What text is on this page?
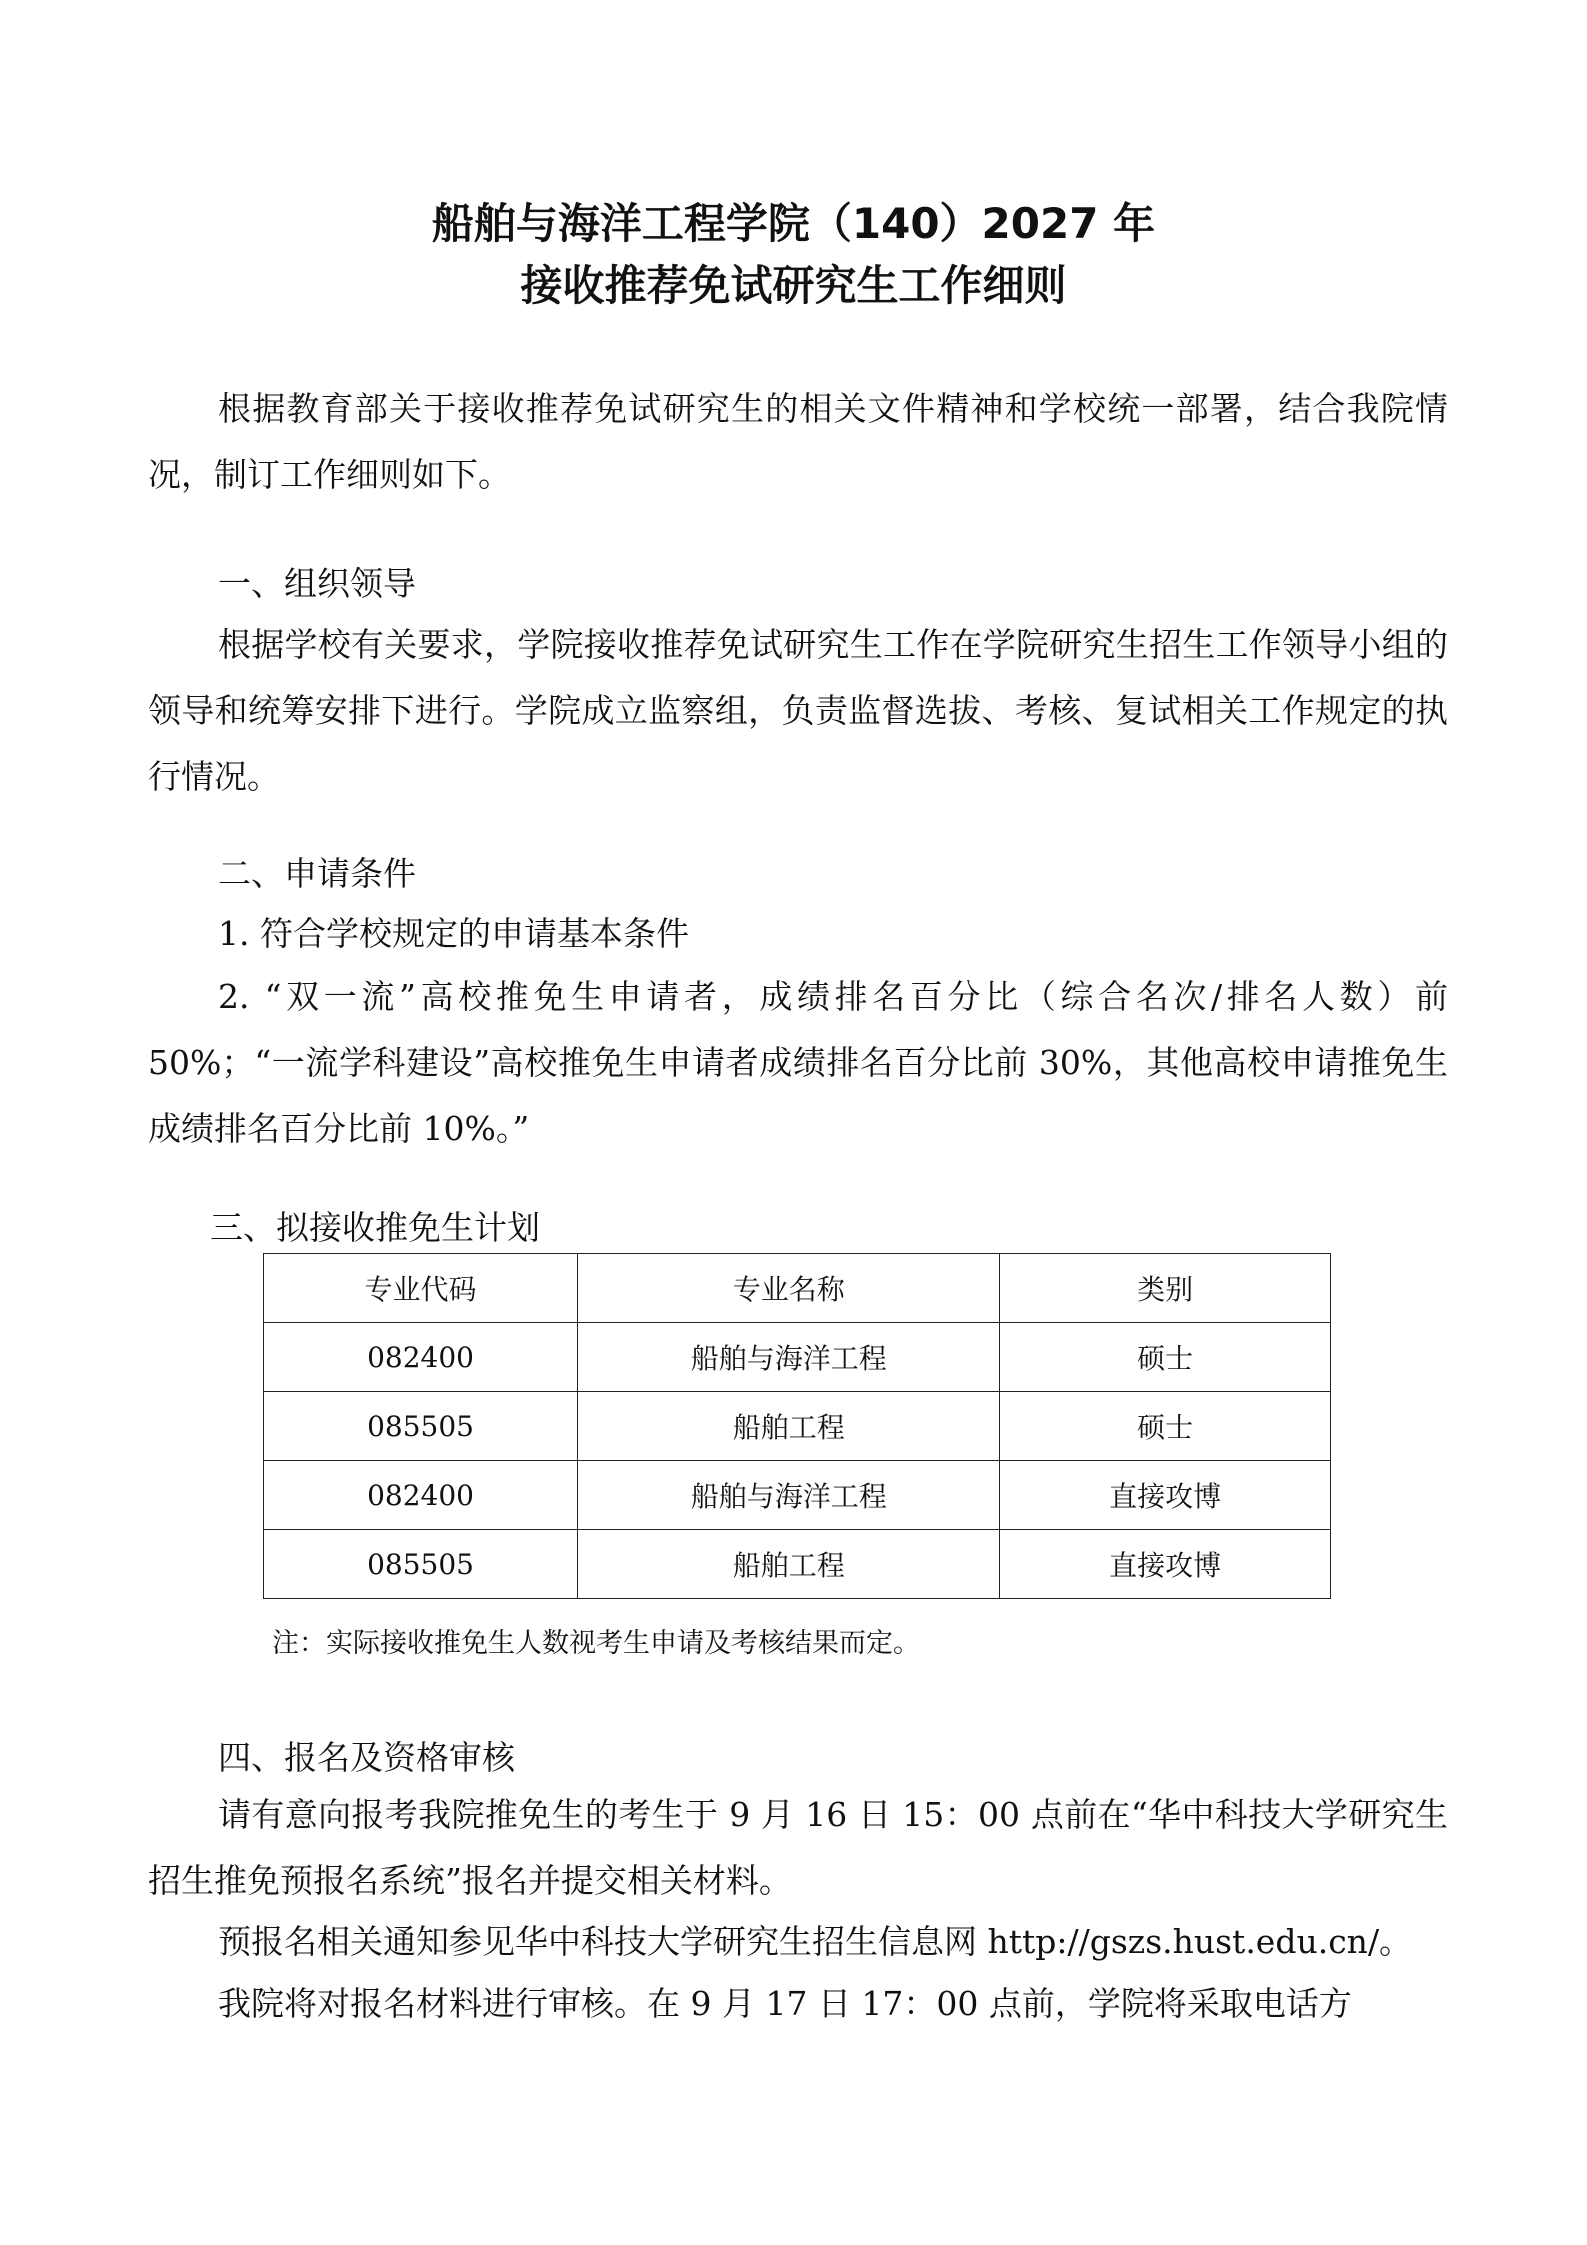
船舶与海洋工程学院（140）2027 年
接收推荐免试研究生工作细则

根据教育部关于接收推荐免试研究生的相关文件精神和学校统一部署，结合我院情况，制订工作细则如下。

一、组织领导

根据学校有关要求，学院接收推荐免试研究生工作在学院研究生招生工作领导小组的领导和统筹安排下进行。学院成立监察组，负责监督选拔、考核、复试相关工作规定的执行情况。

二、申请条件

1. 符合学校规定的申请基本条件

2. “双一流”高校推免生申请者，成绩排名百分比（综合名次/排名人数）前 50%；“一流学科建设”高校推免生申请者成绩排名百分比前 30%，其他高校申请推免生成绩排名百分比前 10%。”

三、拟接收推免生计划
专业代码	专业名称	类别
082400	船舶与海洋工程	硕士
085505	船舶工程	硕士
082400	船舶与海洋工程	直接攻博
085505	船舶工程	直接攻博

注：实际接收推免生人数视考生申请及考核结果而定。

四、报名及资格审核

请有意向报考我院推免生的考生于 9 月 16 日 15：00 点前在“华中科技大学研究生招生推免预报名系统”报名并提交相关材料。

预报名相关通知参见华中科技大学研究生招生信息网 http://gszs.hust.edu.cn/。

我院将对报名材料进行审核。在 9 月 17 日 17：00 点前，学院将采取电话方
